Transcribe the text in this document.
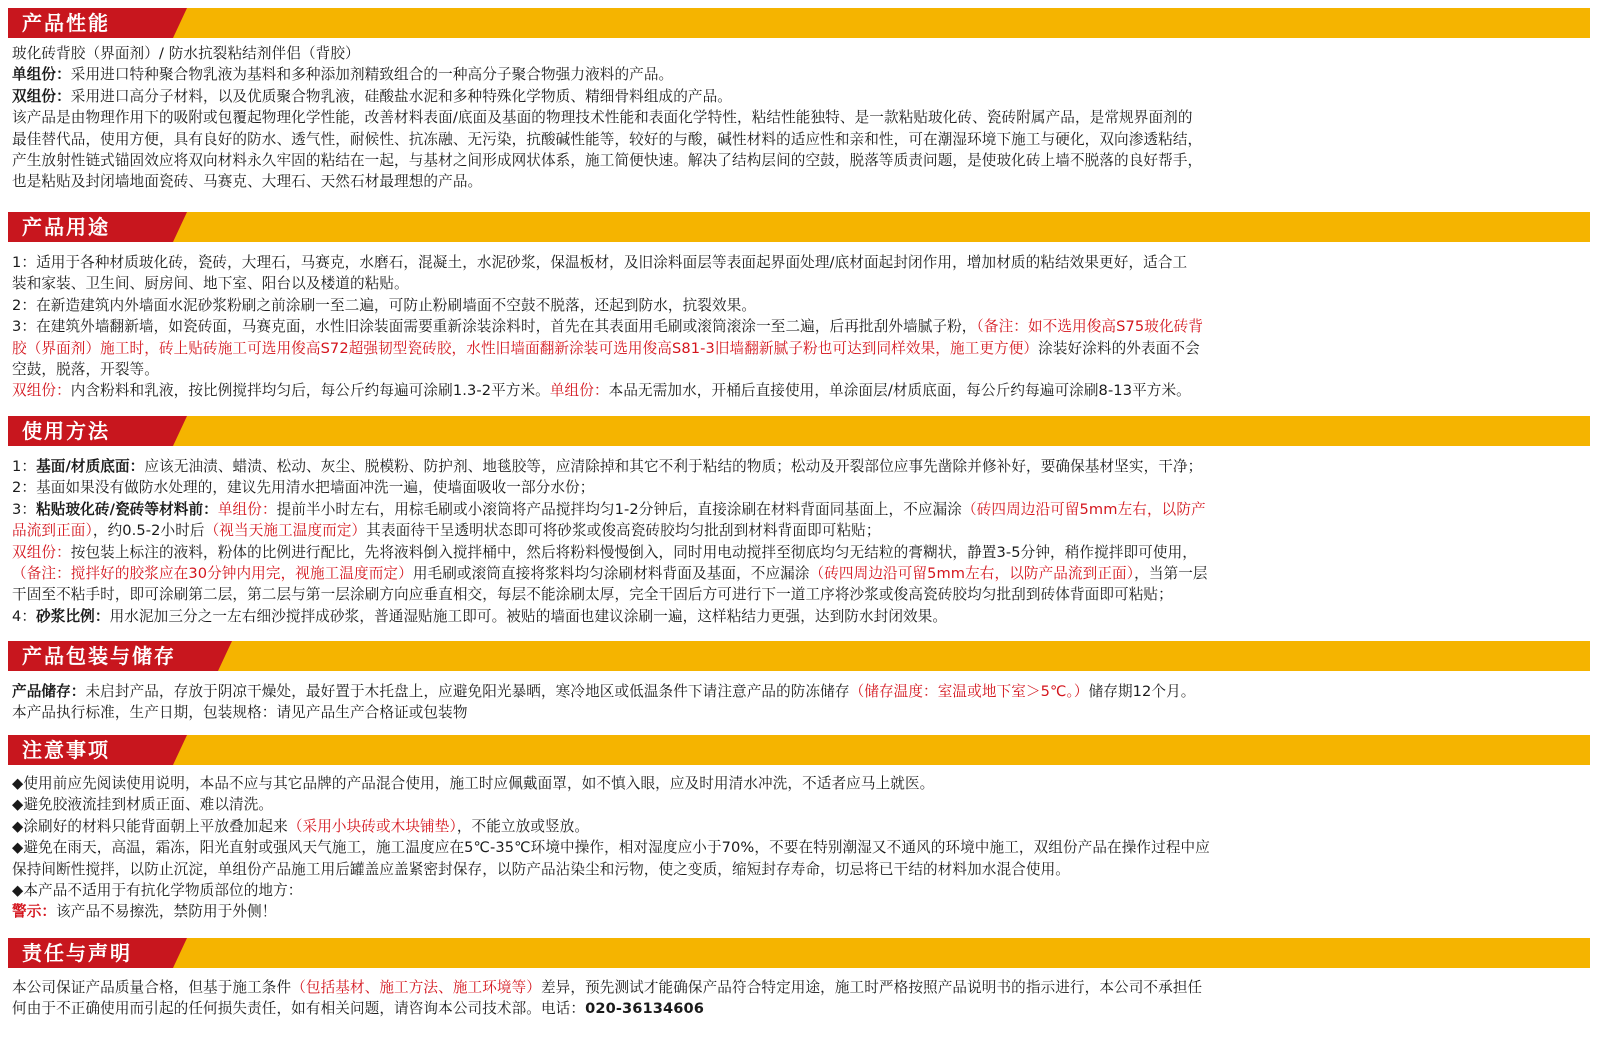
产品性能
玻化砖背胶（界面剂）/ 防水抗裂粘结剂伴侣（背胶）
单组份：采用进口特种聚合物乳液为基料和多种添加剂精致组合的一种高分子聚合物强力液料的产品。
双组份：采用进口高分子材料，以及优质聚合物乳液，硅酸盐水泥和多种特殊化学物质、精细骨料组成的产品。
该产品是由物理作用下的吸附或包覆起物理化学性能，改善材料表面/底面及基面的物理技术性能和表面化学特性，粘结性能独特、是一款粘贴玻化砖、瓷砖附属产品，是常规界面剂的
最佳替代品，使用方便，具有良好的防水、透气性，耐候性、抗冻融、无污染，抗酸碱性能等，较好的与酸，碱性材料的适应性和亲和性，可在潮湿环境下施工与硬化，双向渗透粘结，
产生放射性链式锚固效应将双向材料永久牢固的粘结在一起，与基材之间形成网状体系，施工简便快速。解决了结构层间的空鼓，脱落等质责问题，是使玻化砖上墙不脱落的良好帮手，
也是粘贴及封闭墙地面瓷砖、马赛克、大理石、天然石材最理想的产品。
产品用途
1：适用于各种材质玻化砖，瓷砖，大理石，马赛克，水磨石，混凝土，水泥砂浆，保温板材，及旧涂料面层等表面起界面处理/底材面起封闭作用，增加材质的粘结效果更好，适合工
装和家装、卫生间、厨房间、地下室、阳台以及楼道的粘贴。
2：在新造建筑内外墙面水泥砂浆粉刷之前涂刷一至二遍，可防止粉刷墙面不空鼓不脱落，还起到防水，抗裂效果。
3：在建筑外墙翻新墙，如瓷砖面，马赛克面，水性旧涂装面需要重新涂装涂料时，首先在其表面用毛刷或滚筒滚涂一至二遍，后再批刮外墙腻子粉，（备注：如不选用俊高S75玻化砖背
胶（界面剂）施工时，砖上贴砖施工可选用俊高S72超强韧型瓷砖胶，水性旧墙面翻新涂装可选用俊高S81-3旧墙翻新腻子粉也可达到同样效果，施工更方便）涂装好涂料的外表面不会
空鼓，脱落，开裂等。
双组份：内含粉料和乳液，按比例搅拌均匀后，每公斤约每遍可涂刷1.3-2平方米。单组份：本品无需加水，开桶后直接使用，单涂面层/材质底面，每公斤约每遍可涂刷8-13平方米。
使用方法
1：基面/材质底面：应该无油渍、蜡渍、松动、灰尘、脱模粉、防护剂、地毯胶等，应清除掉和其它不利于粘结的物质；松动及开裂部位应事先凿除并修补好，要确保基材坚实，干净；
2：基面如果没有做防水处理的，建议先用清水把墙面冲洗一遍，使墙面吸收一部分水份；
3：粘贴玻化砖/瓷砖等材料前：单组份：提前半小时左右，用棕毛刷或小滚筒将产品搅拌均匀1-2分钟后，直接涂刷在材料背面同基面上，不应漏涂（砖四周边沿可留5mm左右，以防产
品流到正面），约0.5-2小时后（视当天施工温度而定）其表面待干呈透明状态即可将砂浆或俊高瓷砖胶均匀批刮到材料背面即可粘贴；
双组份：按包装上标注的液料，粉体的比例进行配比，先将液料倒入搅拌桶中，然后将粉料慢慢倒入，同时用电动搅拌至彻底均匀无结粒的膏糊状，静置3-5分钟，稍作搅拌即可使用，
（备注：搅拌好的胶浆应在30分钟内用完，视施工温度而定）用毛刷或滚筒直接将浆料均匀涂刷材料背面及基面，不应漏涂（砖四周边沿可留5mm左右，以防产品流到正面），当第一层
干固至不粘手时，即可涂刷第二层，第二层与第一层涂刷方向应垂直相交，每层不能涂刷太厚，完全干固后方可进行下一道工序将沙浆或俊高瓷砖胶均匀批刮到砖体背面即可粘贴；
4：砂浆比例：用水泥加三分之一左右细沙搅拌成砂浆，普通湿贴施工即可。被贴的墙面也建议涂刷一遍，这样粘结力更强，达到防水封闭效果。
产品包装与储存
产品储存：未启封产品，存放于阴凉干燥处，最好置于木托盘上，应避免阳光暴晒，寒冷地区或低温条件下请注意产品的防冻储存（储存温度：室温或地下室＞5℃。）储存期12个月。
本产品执行标准，生产日期，包装规格：请见产品生产合格证或包装物
注意事项
◆使用前应先阅读使用说明，本品不应与其它品牌的产品混合使用，施工时应佩戴面罩，如不慎入眼，应及时用清水冲洗，不适者应马上就医。
◆避免胶液流挂到材质正面、难以清洗。
◆涂刷好的材料只能背面朝上平放叠加起来（采用小块砖或木块铺垫），不能立放或竖放。
◆避免在雨天，高温，霜冻，阳光直射或强风天气施工，施工温度应在5℃-35℃环境中操作，相对湿度应小于70%，不要在特别潮湿又不通风的环境中施工，双组份产品在操作过程中应
保持间断性搅拌，以防止沉淀，单组份产品施工用后罐盖应盖紧密封保存，以防产品沾染尘和污物，使之变质，缩短封存寿命，切忌将已干结的材料加水混合使用。
◆本产品不适用于有抗化学物质部位的地方：
警示：该产品不易擦洗，禁防用于外侧！
责任与声明
本公司保证产品质量合格，但基于施工条件（包括基材、施工方法、施工环境等）差异，预先测试才能确保产品符合特定用途，施工时严格按照产品说明书的指示进行，本公司不承担任
何由于不正确使用而引起的任何损失责任，如有相关问题，请咨询本公司技术部。电话：020-36134606
